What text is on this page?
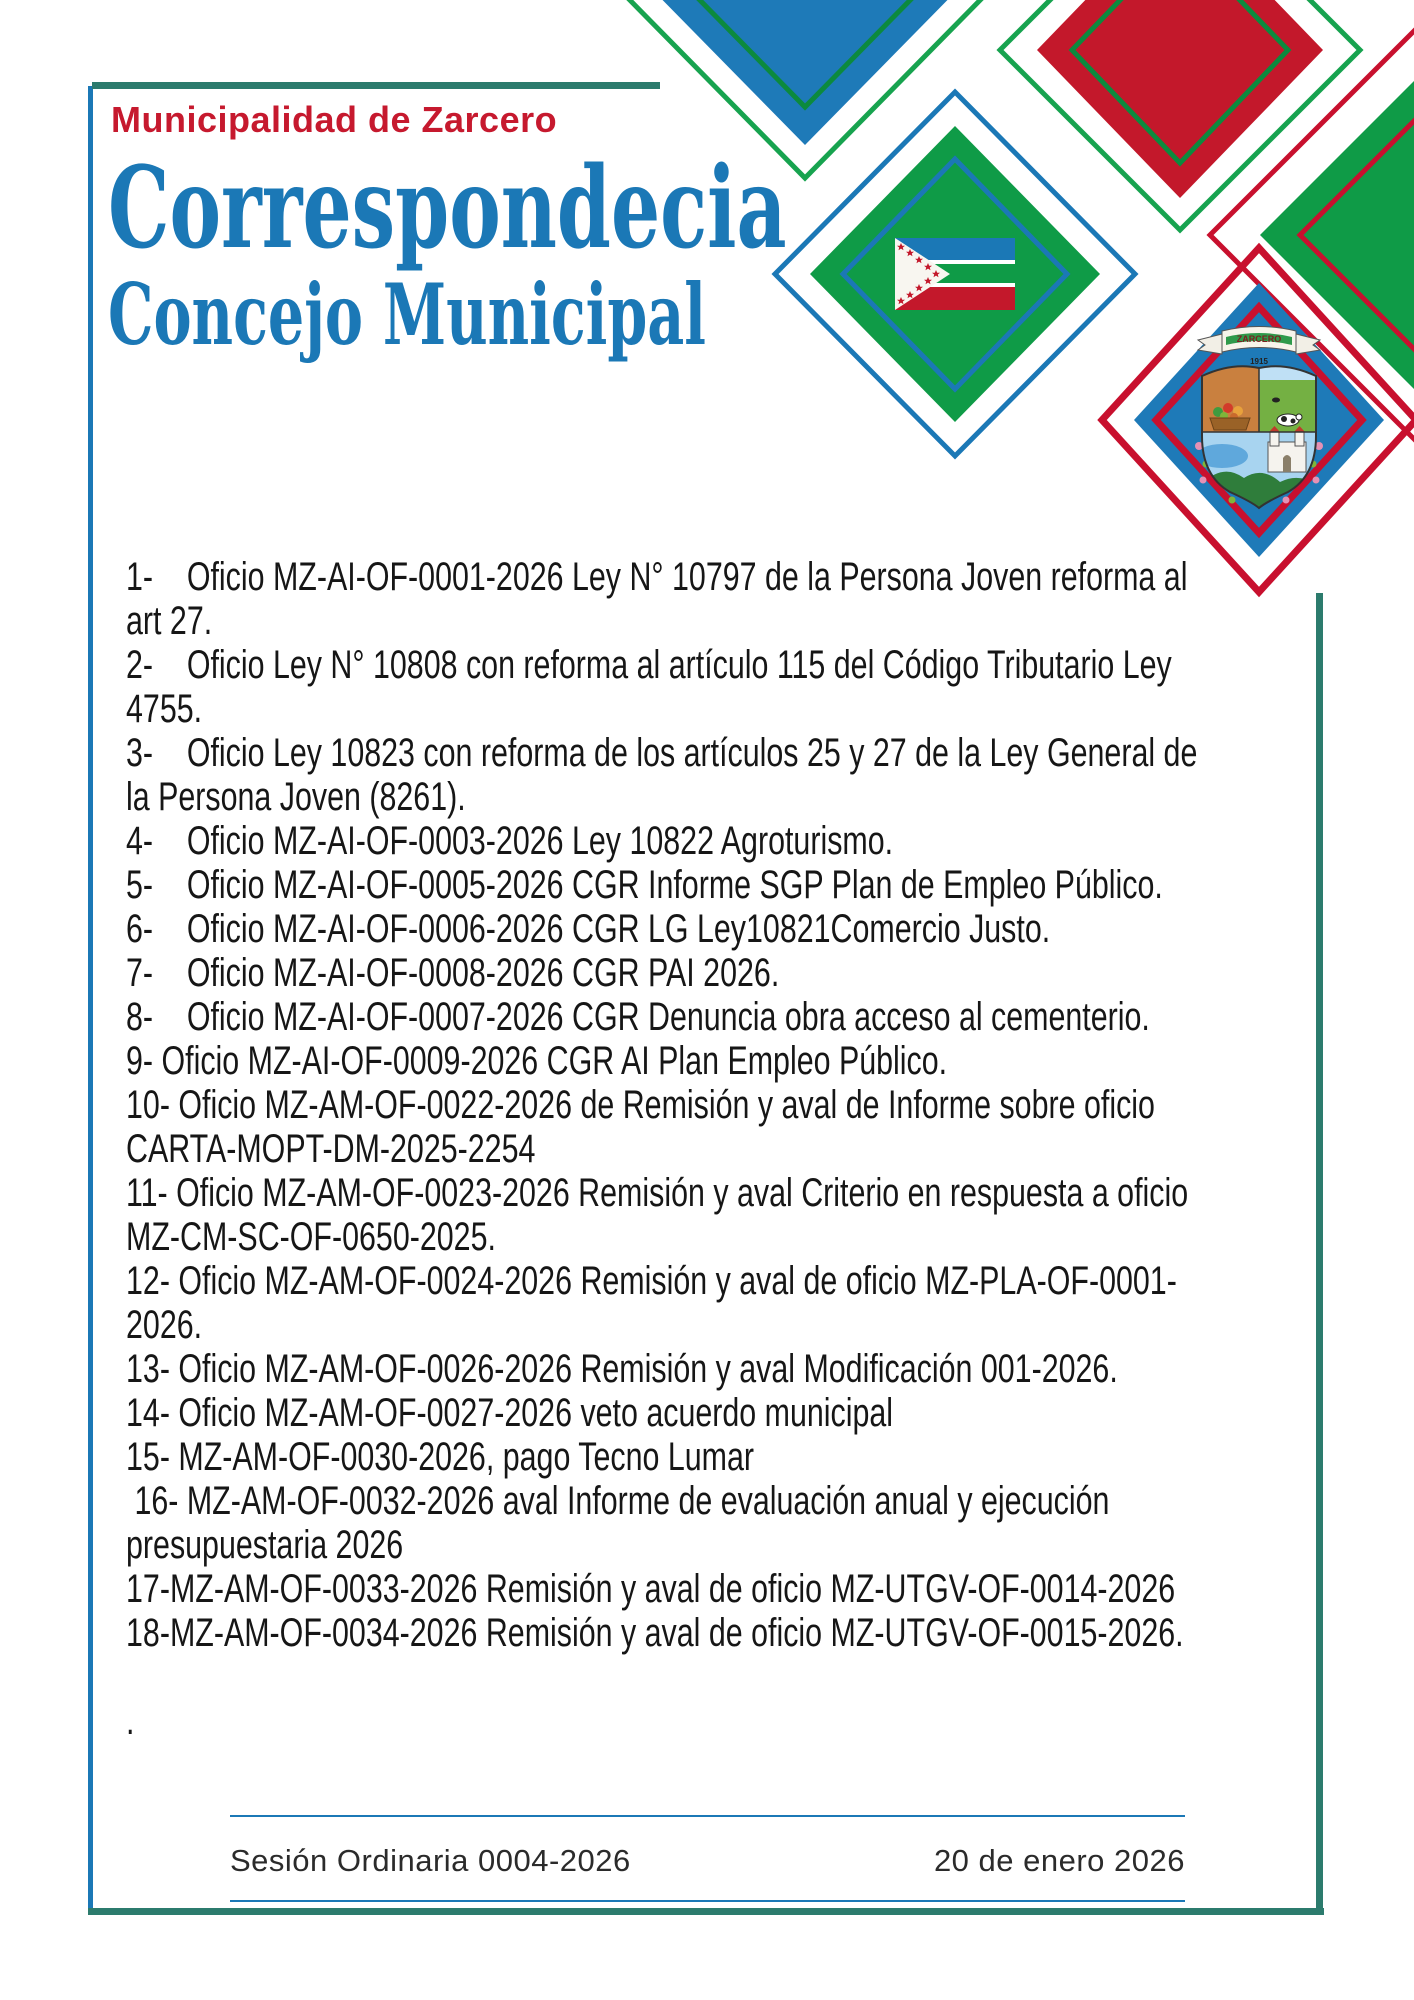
ZARCERO
1915
Municipalidad de Zarcero
Correspondecia
Concejo Municipal
1-    Oficio MZ-AI-OF-0001-2026 Ley N° 10797 de la Persona Joven reforma al
art 27.
2-    Oficio Ley N° 10808 con reforma al artículo 115 del Código Tributario Ley
4755.
3-    Oficio Ley 10823 con reforma de los artículos 25 y 27 de la Ley General de
la Persona Joven (8261).
4-    Oficio MZ-AI-OF-0003-2026 Ley 10822 Agroturismo.
5-    Oficio MZ-AI-OF-0005-2026 CGR Informe SGP Plan de Empleo Público.
6-    Oficio MZ-AI-OF-0006-2026 CGR LG Ley10821Comercio Justo.
7-    Oficio MZ-AI-OF-0008-2026 CGR PAI 2026.
8-    Oficio MZ-AI-OF-0007-2026 CGR Denuncia obra acceso al cementerio.
9- Oficio MZ-AI-OF-0009-2026 CGR AI Plan Empleo Público.
10- Oficio MZ-AM-OF-0022-2026 de Remisión y aval de Informe sobre oficio
CARTA-MOPT-DM-2025-2254
11- Oficio MZ-AM-OF-0023-2026 Remisión y aval Criterio en respuesta a oficio
MZ-CM-SC-OF-0650-2025.
12- Oficio MZ-AM-OF-0024-2026 Remisión y aval de oficio MZ-PLA-OF-0001-
2026.
13- Oficio MZ-AM-OF-0026-2026 Remisión y aval Modificación 001-2026.
14- Oficio MZ-AM-OF-0027-2026 veto acuerdo municipal
15- MZ-AM-OF-0030-2026, pago Tecno Lumar
16- MZ-AM-OF-0032-2026 aval Informe de evaluación anual y ejecución
presupuestaria 2026
17-MZ-AM-OF-0033-2026 Remisión y aval de oficio MZ-UTGV-OF-0014-2026
18-MZ-AM-OF-0034-2026 Remisión y aval de oficio MZ-UTGV-OF-0015-2026.
.
Sesión Ordinaria 0004-2026	20 de enero 2026
